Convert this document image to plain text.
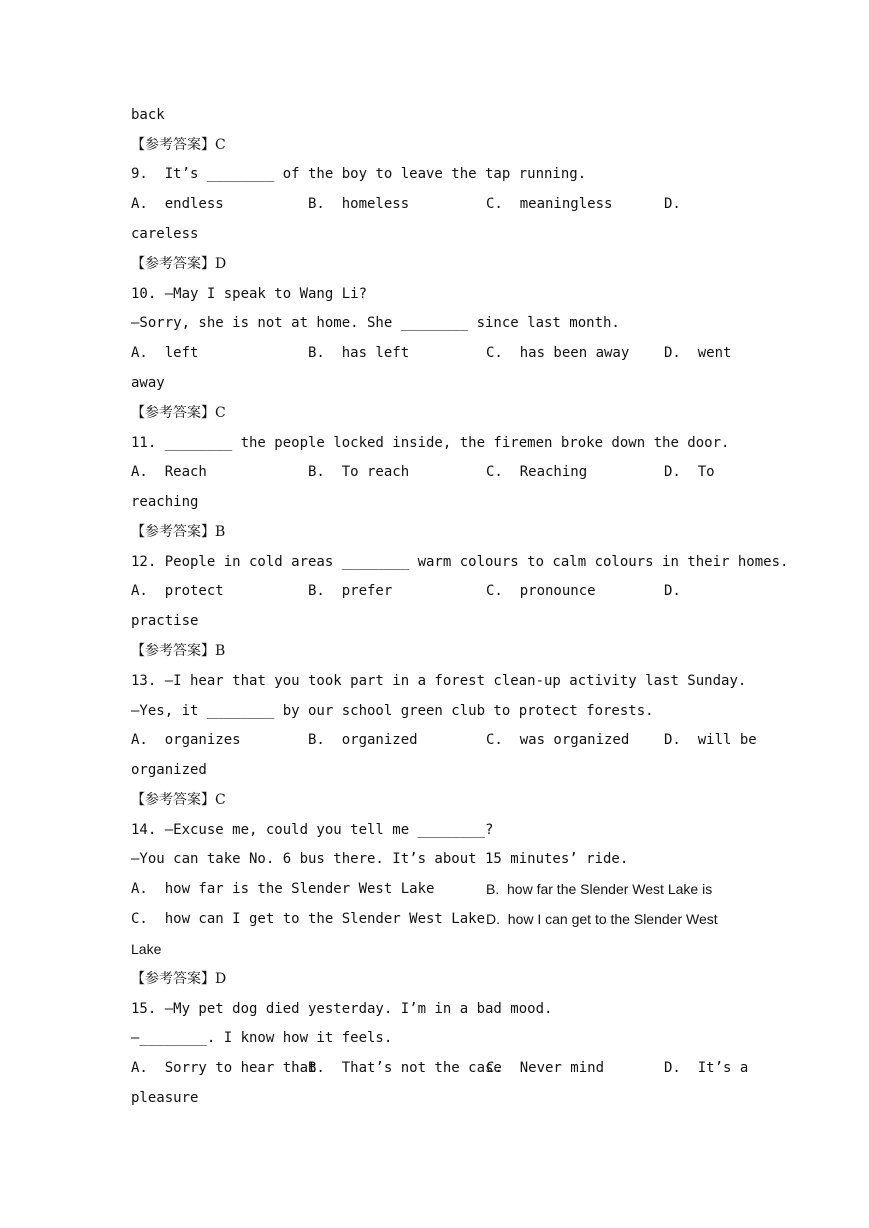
back
【参考答案】C
9.  It’s ________ of the boy to leave the tap running.
A.  endless	B.  homeless	C.  meaningless	D.
careless
【参考答案】D
10. —May I speak to Wang Li?
—Sorry, she is not at home. She ________ since last month.
A.  left	B.  has left	C.  has been away D.  went
away
【参考答案】C
11. ________ the people locked inside, the firemen broke down the door.
A.  Reach	B.  To reach	C.  Reaching	D.  To
reaching
【参考答案】B
12. People in cold areas ________ warm colours to calm colours in their homes.
A.  protect	B.  prefer	C.  pronounce	D.
practise
【参考答案】B
13. —I hear that you took part in a forest clean-up activity last Sunday.
—Yes, it ________ by our school green club to protect forests.
A.  organizes	B.  organized	C.  was organized D.  will be
organized
【参考答案】C
14. —Excuse me, could you tell me ________?
—You can take No. 6 bus there. It’s about 15 minutes’ ride.
A.  how far is the Slender West Lake	B.  how far the Slender West Lake is
C.  how can I get to the Slender West Lake D.  how I can get to the Slender West
Lake
【参考答案】D
15. —My pet dog died yesterday. I’m in a bad mood.
—________. I know how it feels.
A.  Sorry to hear that
B.  That’s not the case
C.  Never mind	D.  It’s a
pleasure
